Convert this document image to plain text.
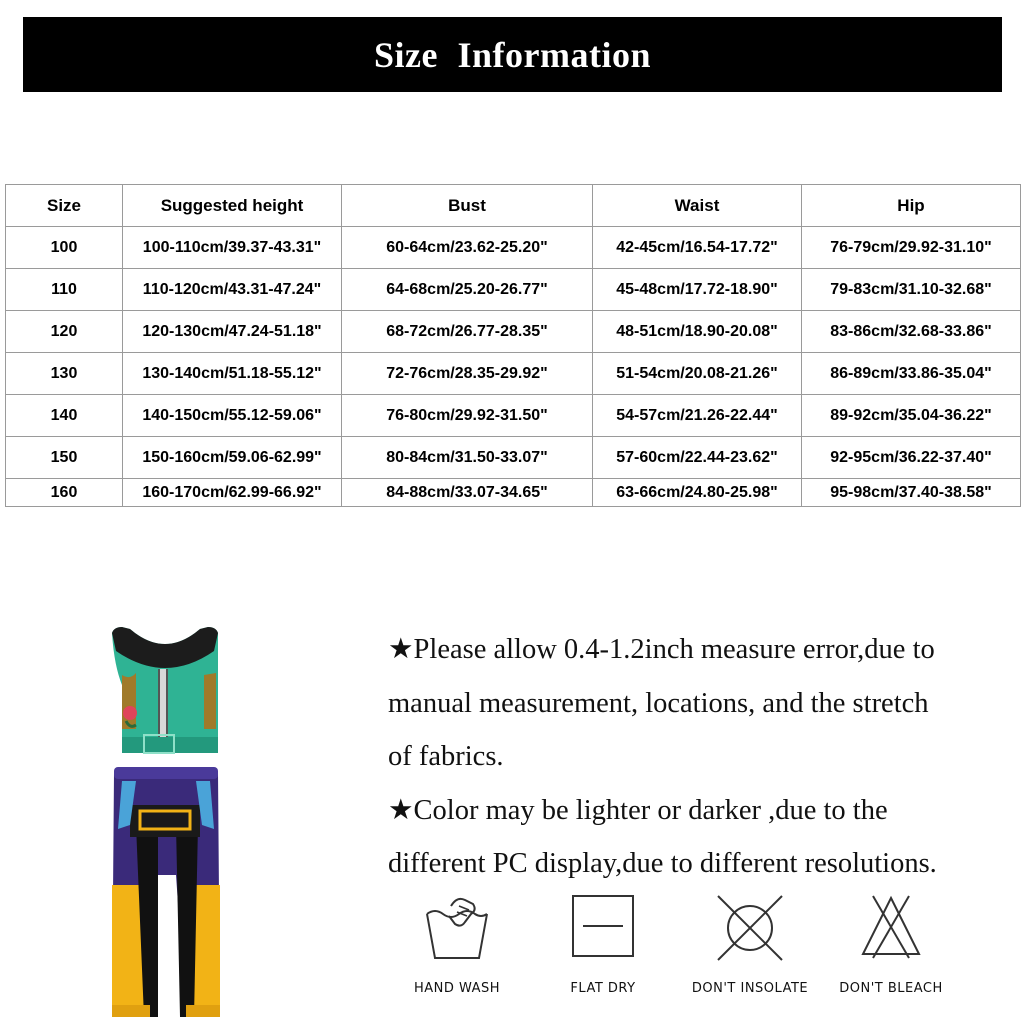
Size Information
Size	Suggested height	Bust	Waist	Hip
100	100-110cm/39.37-43.31"	60-64cm/23.62-25.20"	42-45cm/16.54-17.72"	76-79cm/29.92-31.10"
110	110-120cm/43.31-47.24"	64-68cm/25.20-26.77"	45-48cm/17.72-18.90"	79-83cm/31.10-32.68"
120	120-130cm/47.24-51.18"	68-72cm/26.77-28.35"	48-51cm/18.90-20.08"	83-86cm/32.68-33.86"
130	130-140cm/51.18-55.12"	72-76cm/28.35-29.92"	51-54cm/20.08-21.26"	86-89cm/33.86-35.04"
140	140-150cm/55.12-59.06"	76-80cm/29.92-31.50"	54-57cm/21.26-22.44"	89-92cm/35.04-36.22"
150	150-160cm/59.06-62.99"	80-84cm/31.50-33.07"	57-60cm/22.44-23.62"	92-95cm/36.22-37.40"
160	160-170cm/62.99-66.92"	84-88cm/33.07-34.65"	63-66cm/24.80-25.98"	95-98cm/37.40-38.58"

★Please allow 0.4-1.2inch measure error,due to

manual measurement, locations, and the stretch

of fabrics.

★Color may be lighter or darker ,due to the

different PC display,due to different resolutions.

HAND WASH	FLAT DRY	DON'T INSOLATE	DON'T BLEACH
